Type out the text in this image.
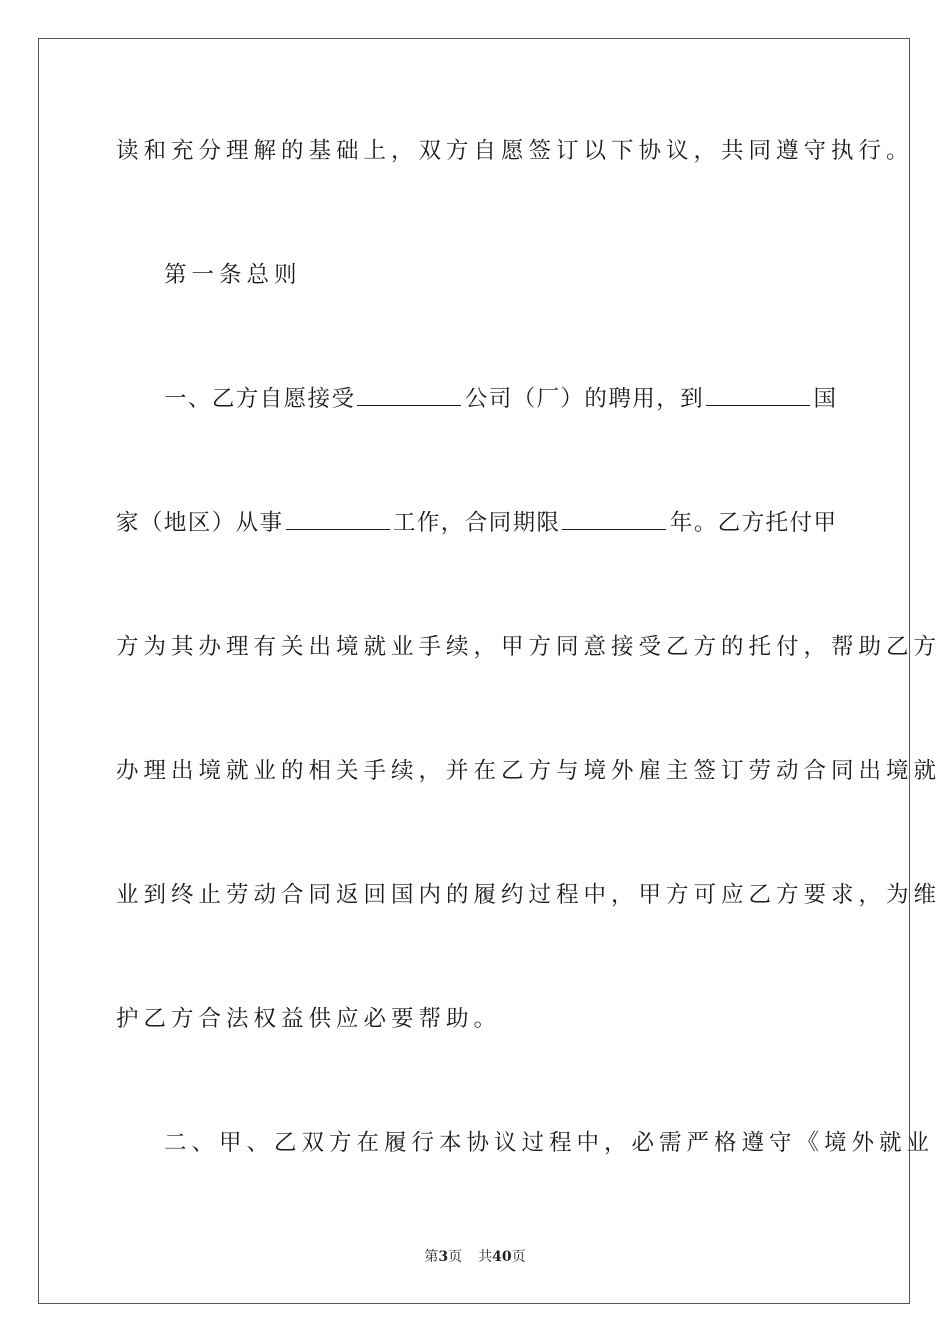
读和充分理解的基础上，双方自愿签订以下协议，共同遵守执行。
第一条总则
一、乙方自愿接受	公司（厂）的聘用，到	国
家（地区）从事	工作，合同期限	年。乙方托付甲
方为其办理有关出境就业手续，甲方同意接受乙方的托付，帮助乙方
办理出境就业的相关手续，并在乙方与境外雇主签订劳动合同出境就
业到终止劳动合同返回国内的履约过程中，甲方可应乙方要求，为维
护乙方合法权益供应必要帮助。
二、甲、乙双方在履行本协议过程中，必需严格遵守《境外就业
第3页 共40页
